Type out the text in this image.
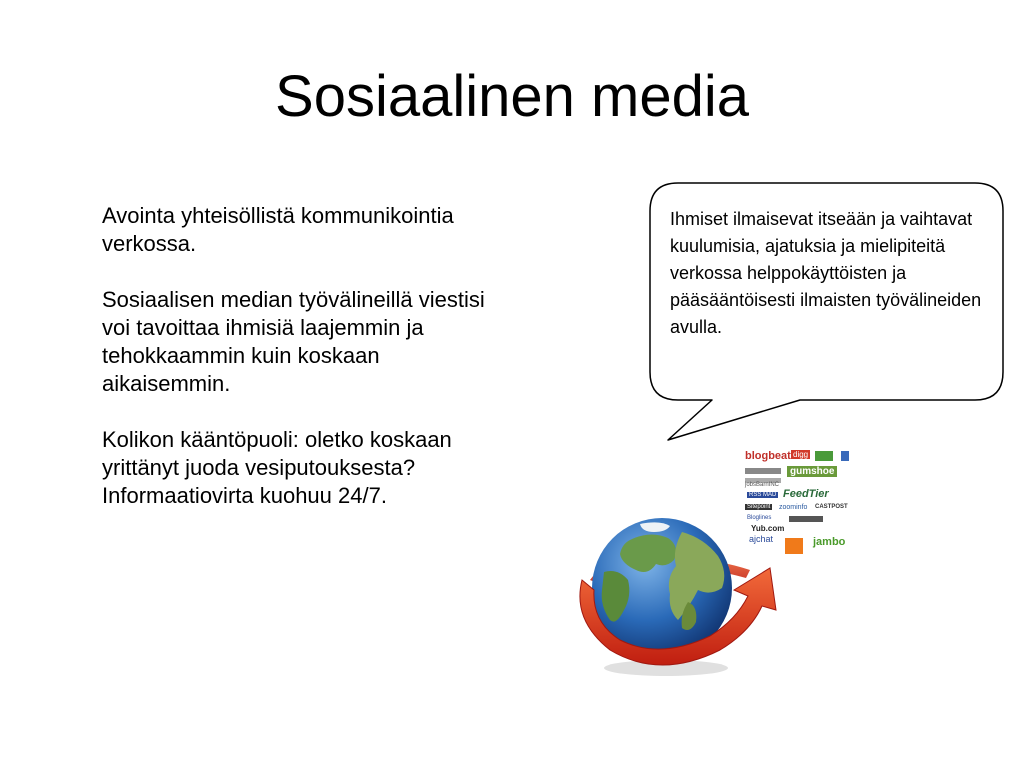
Sosiaalinen media

Avointa yhteisöllistä kommunikointia verkossa.

Sosiaalisen median työvälineillä viestisi voi tavoittaa ihmisiä laajemmin ja tehokkaammin kuin koskaan aikaisemmin.

Kolikon kääntöpuoli: oletko koskaan yrittänyt juoda vesiputouksesta? Informaatiovirta kuohuu 24/7.

Ihmiset ilmaisevat itseään ja vaihtavat kuulumisia, ajatuksia ja mielipiteitä verkossa helppokäyttöisten ja pääsääntöisesti ilmaisten työvälineiden avulla.
blogbeat digg
gumshoe
jobsBarnINC
RSS MAD FeedTier
Sitepoint zoominfo CASTPOST
Bloglines
Yub.com
ajchat	jambo
